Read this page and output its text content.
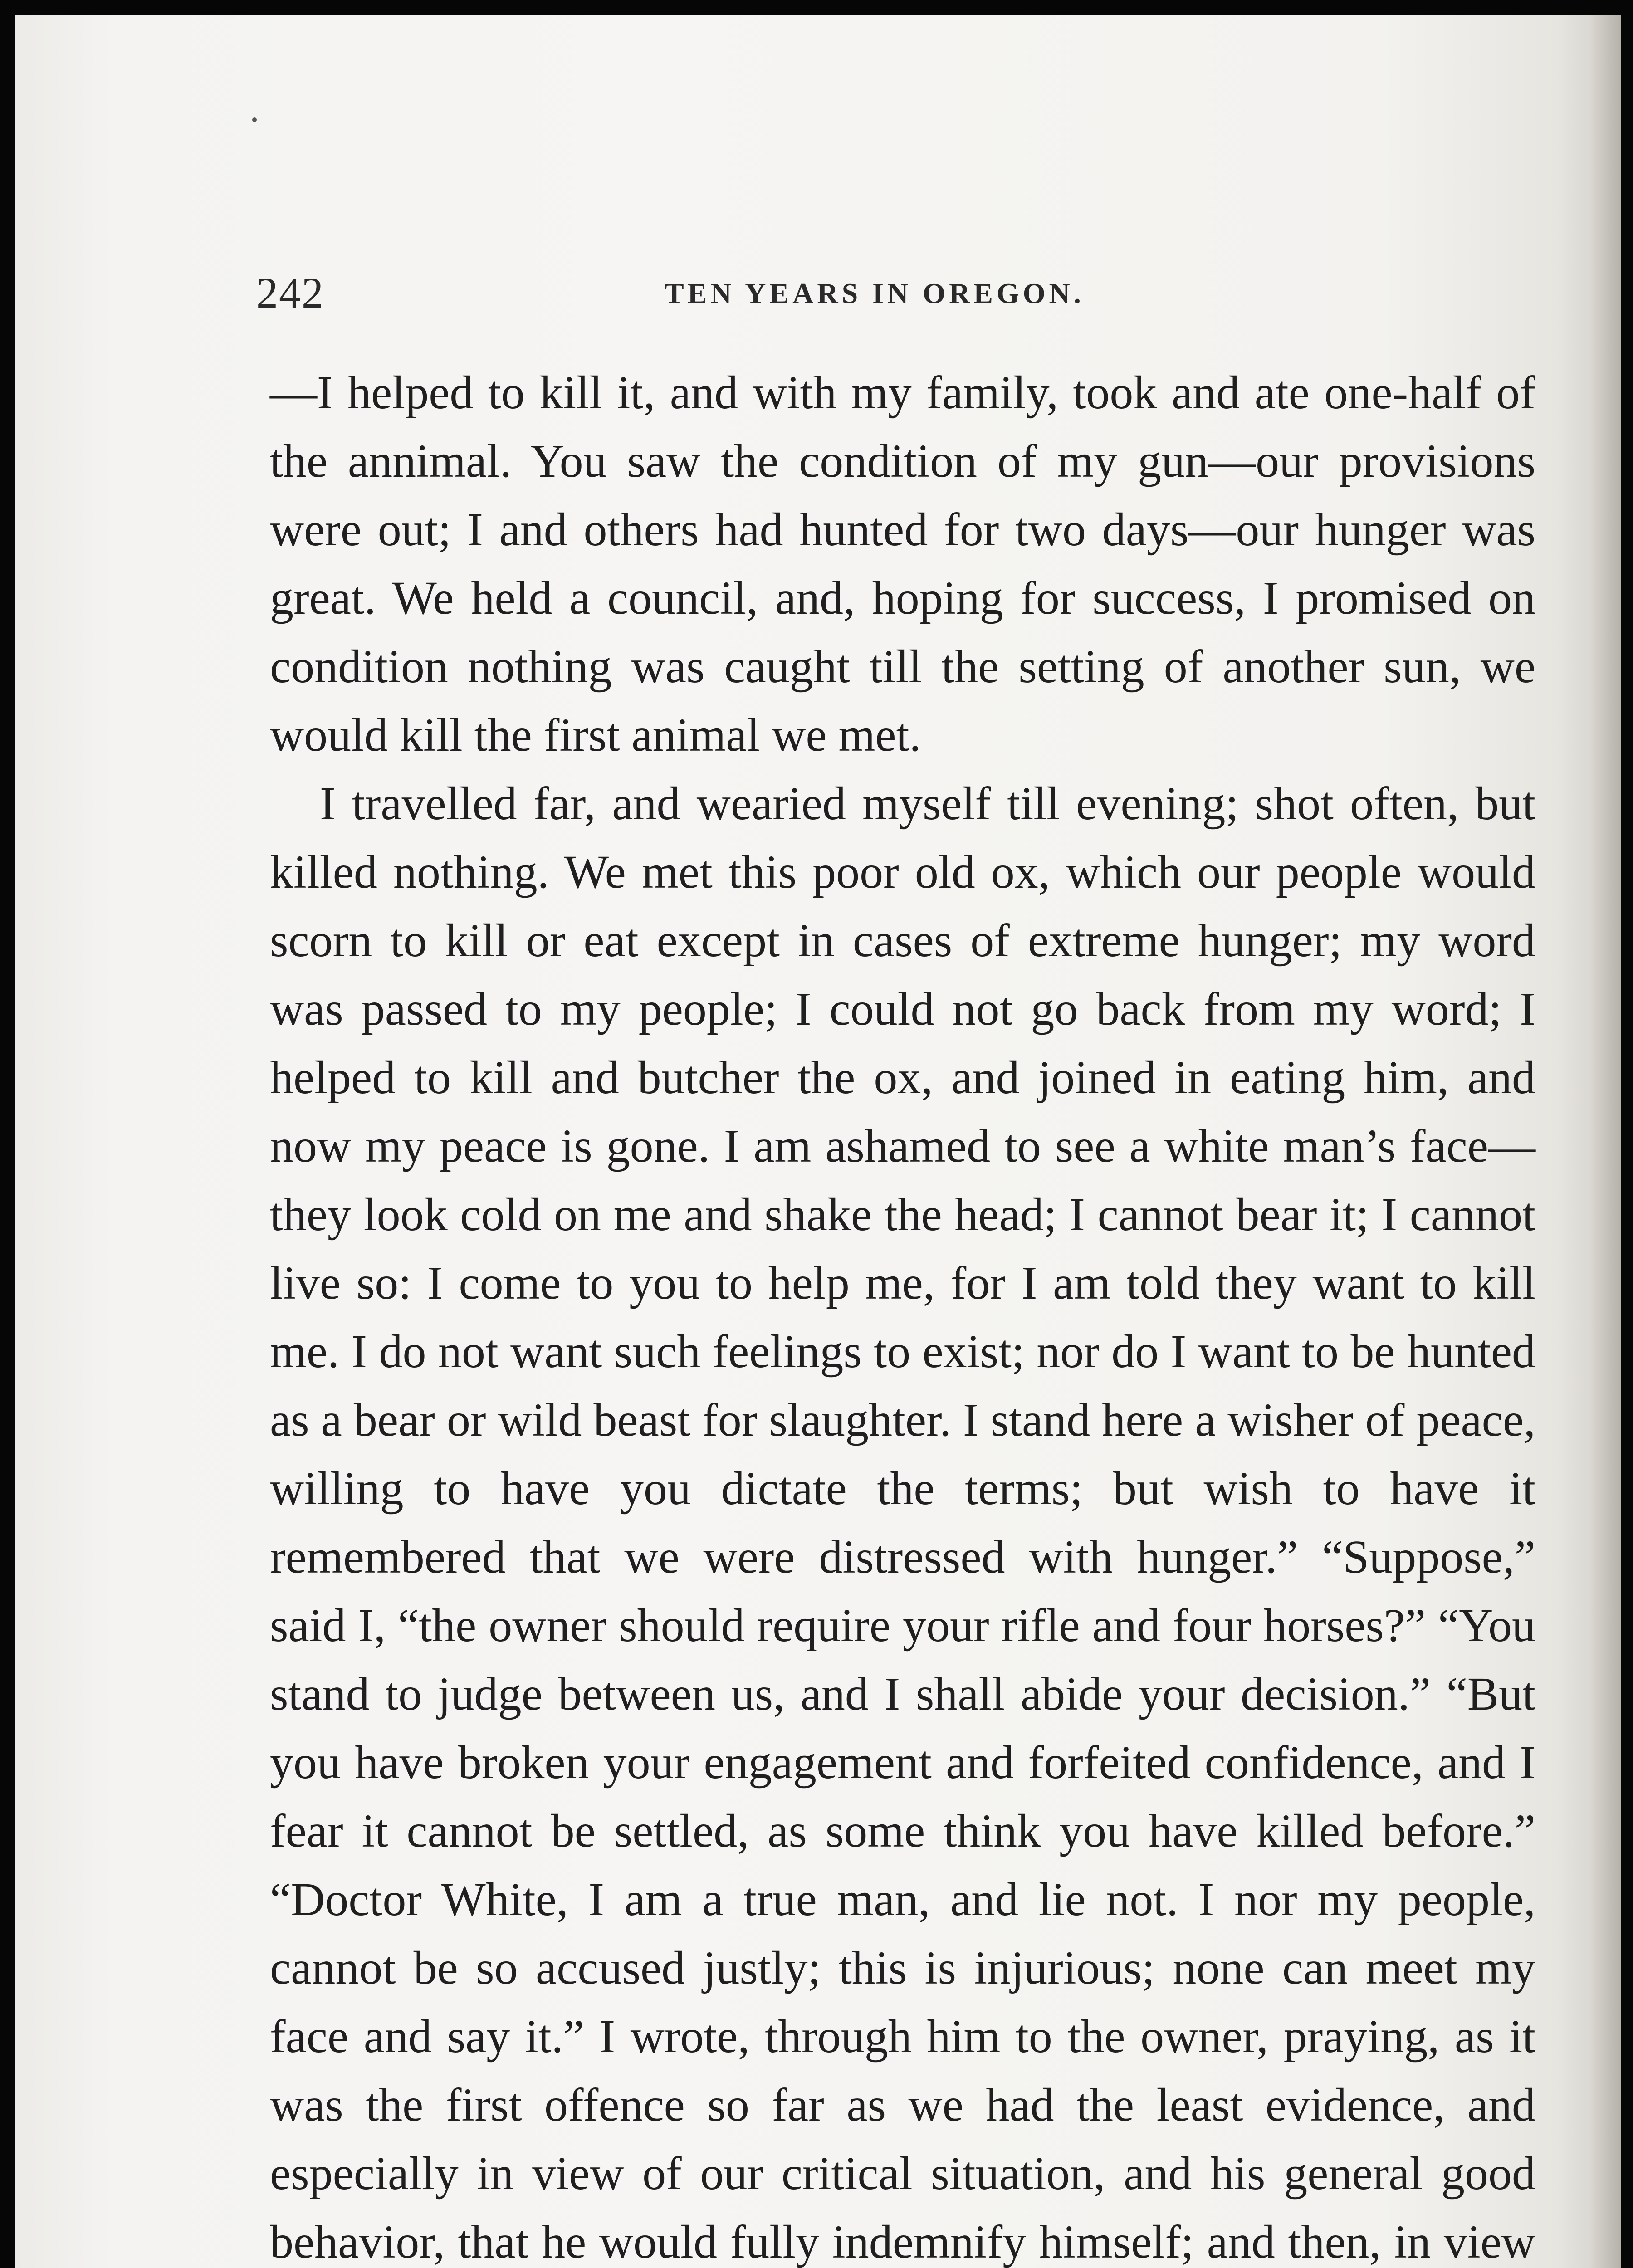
242	TEN YEARS IN OREGON.

—I helped to kill it, and with my family, took and ate one-half of the annimal. You saw the condition of my gun—our provisions were out; I and others had hunted for two days—our hunger was great. We held a council, and, hoping for success, I promised on condition nothing was caught till the setting of another sun, we would kill the first animal we met.

I travelled far, and wearied myself till evening; shot often, but killed nothing. We met this poor old ox, which our people would scorn to kill or eat except in cases of extreme hunger; my word was passed to my people; I could not go back from my word; I helped to kill and butcher the ox, and joined in eating him, and now my peace is gone. I am ashamed to see a white man’s face—they look cold on me and shake the head; I cannot bear it; I cannot live so: I come to you to help me, for I am told they want to kill me. I do not want such feelings to exist; nor do I want to be hunted as a bear or wild beast for slaughter. I stand here a wisher of peace, willing to have you dictate the terms; but wish to have it remembered that we were distressed with hunger.” “Suppose,” said I, “the owner should require your rifle and four horses?” “You stand to judge between us, and I shall abide your decision.” “But you have broken your engagement and forfeited confidence, and I fear it cannot be settled, as some think you have killed before.” “Doctor White, I am a true man, and lie not. I nor my people, cannot be so accused justly; this is injurious; none can meet my face and say it.” I wrote, through him to the owner, praying, as it was the first offence so far as we had the least evidence, and especially in view of our critical situation, and his general good behavior, that he would fully indemnify himself; and then, in view
